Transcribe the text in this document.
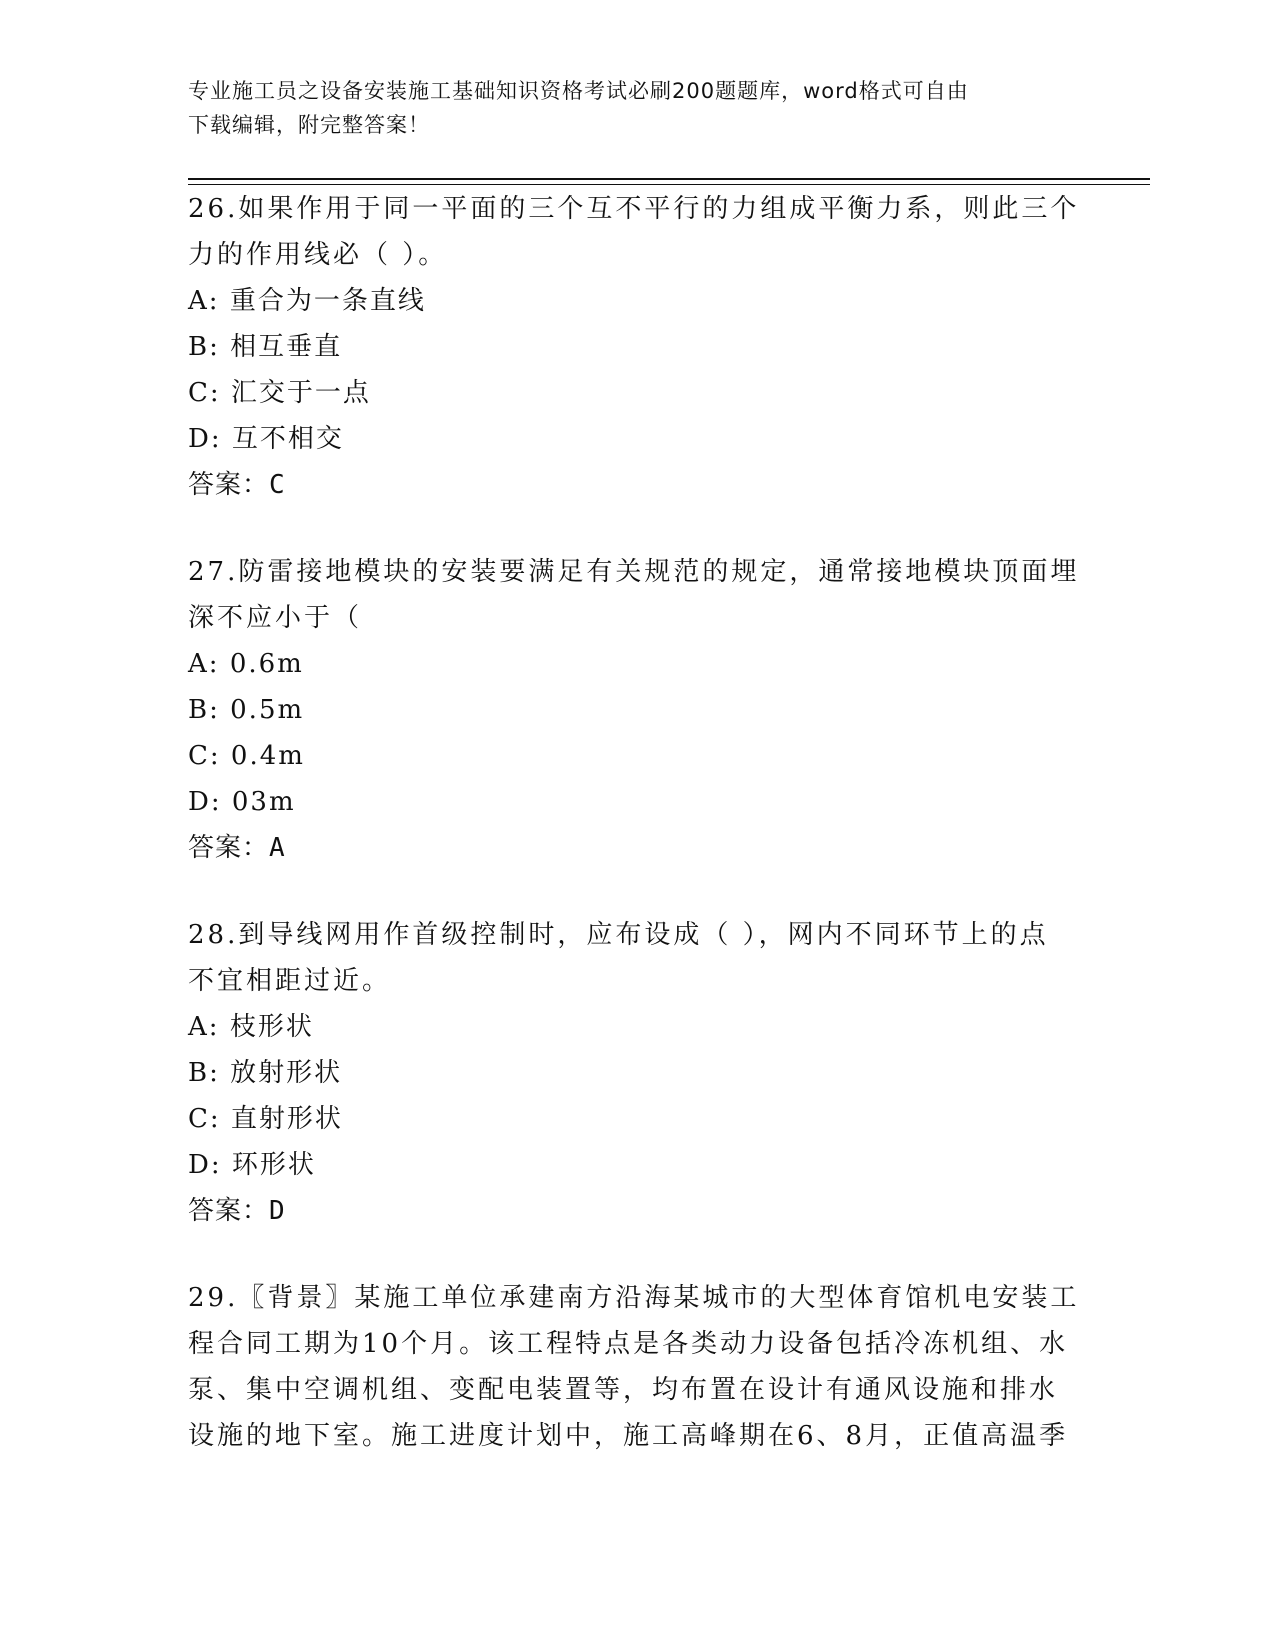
专业施工员之设备安装施工基础知识资格考试必刷200题题库，word格式可自由
下载编辑，附完整答案！
26.如果作用于同一平面的三个互不平行的力组成平衡力系，则此三个
力的作用线必（ ）。
A: 重合为一条直线
B: 相互垂直
C: 汇交于一点
D: 互不相交
答案：C
27.防雷接地模块的安装要满足有关规范的规定，通常接地模块顶面埋
深不应小于（
A: 0.6m
B: 0.5m
C: 0.4m
D: 03m
答案：A
28.到导线网用作首级控制时，应布设成（ ），网内不同环节上的点
不宜相距过近。
A: 枝形状
B: 放射形状
C: 直射形状
D: 环形状
答案：D
29.〖背景〗某施工单位承建南方沿海某城市的大型体育馆机电安装工
程合同工期为10个月。该工程特点是各类动力设备包括冷冻机组、水
泵、集中空调机组、变配电装置等，均布置在设计有通风设施和排水
设施的地下室。施工进度计划中，施工高峰期在6、8月，正值高温季
